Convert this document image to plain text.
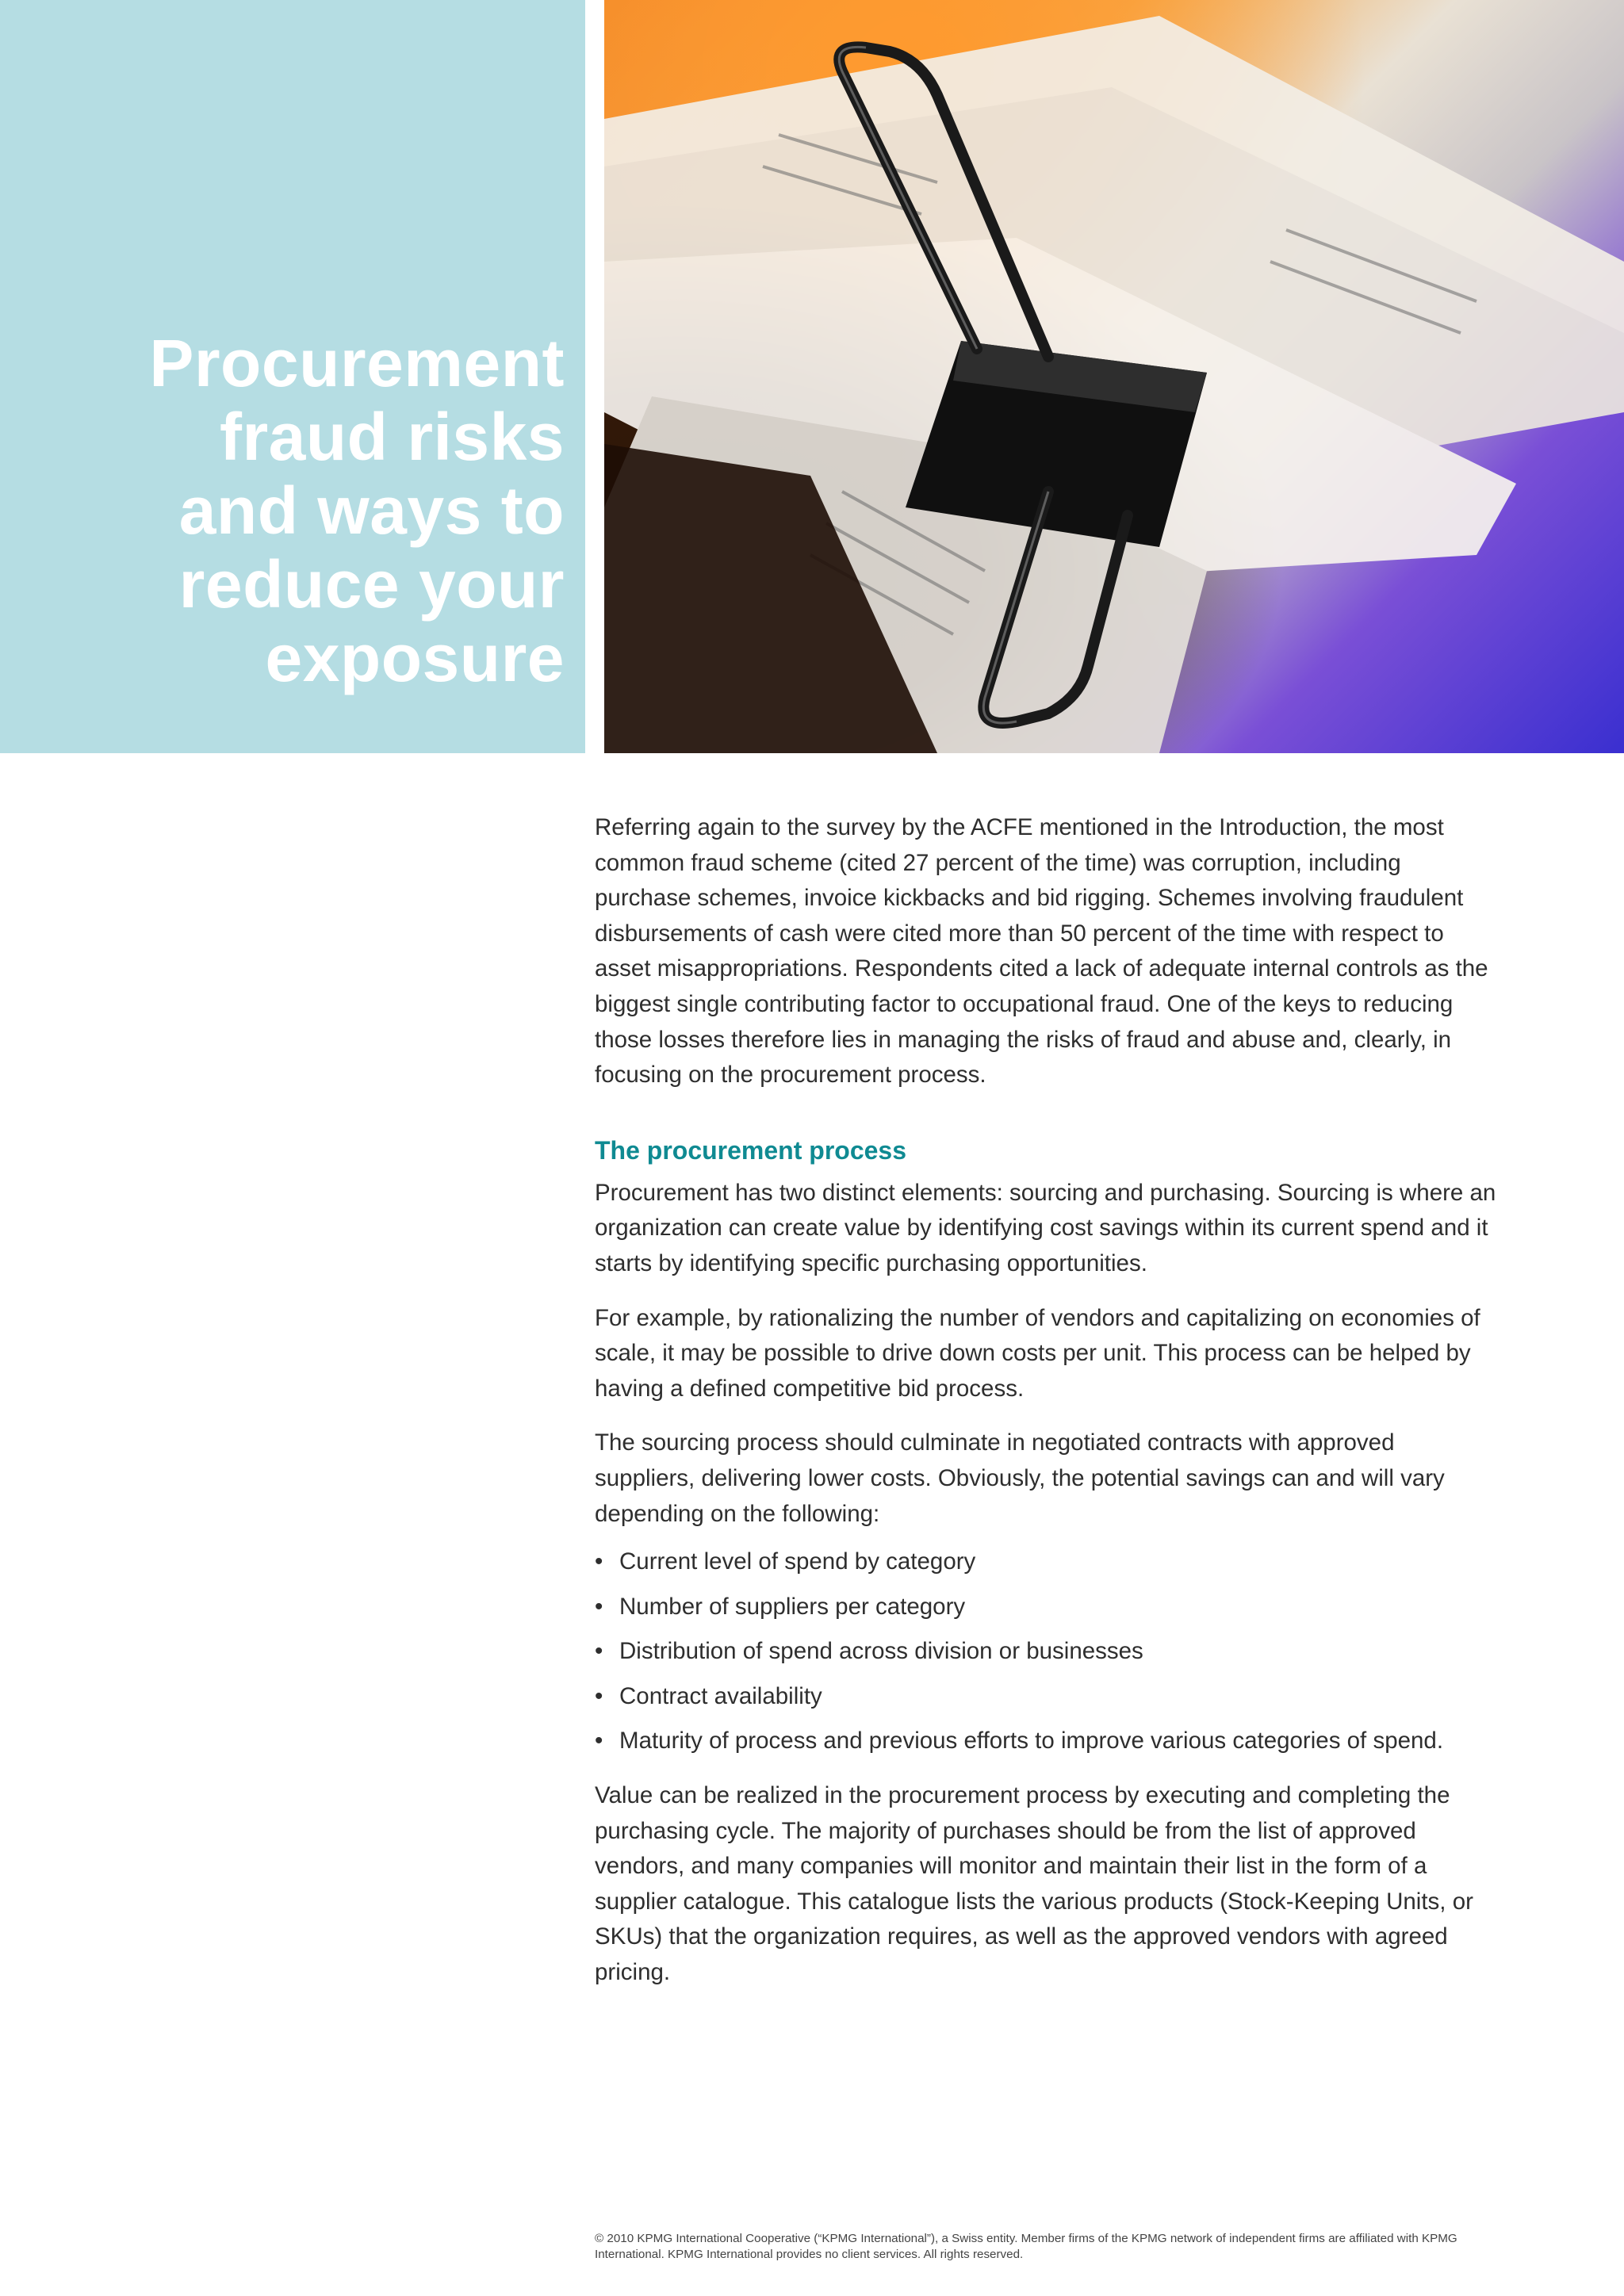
Procurement
fraud risks
and ways to
reduce your
exposure

Referring again to the survey by the ACFE mentioned in the Introduction, the most common fraud scheme (cited 27 percent of the time) was corruption, including purchase schemes, invoice kickbacks and bid rigging. Schemes involving fraudulent disbursements of cash were cited more than 50 percent of the time with respect to asset misappropriations. Respondents cited a lack of adequate internal controls as the biggest single contributing factor to occupational fraud. One of the keys to reducing those losses therefore lies in managing the risks of fraud and abuse and, clearly, in focusing on the procurement process.

The procurement process

Procurement has two distinct elements: sourcing and purchasing. Sourcing is where an organization can create value by identifying cost savings within its current spend and it starts by identifying specific purchasing opportunities.

For example, by rationalizing the number of vendors and capitalizing on economies of scale, it may be possible to drive down costs per unit. This process can be helped by having a defined competitive bid process.

The sourcing process should culminate in negotiated contracts with approved suppliers, delivering lower costs. Obviously, the potential savings can and will vary depending on the following:

• Current level of spend by category
• Number of suppliers per category
• Distribution of spend across division or businesses
• Contract availability
• Maturity of process and previous efforts to improve various categories of spend.

Value can be realized in the procurement process by executing and completing the purchasing cycle. The majority of purchases should be from the list of approved vendors, and many companies will monitor and maintain their list in the form of a supplier catalogue. This catalogue lists the various products (Stock-Keeping Units, or SKUs) that the organization requires, as well as the approved vendors with agreed pricing.

© 2010 KPMG International Cooperative (“KPMG International”), a Swiss entity. Member firms of the KPMG network of independent firms are affiliated with KPMG International. KPMG International provides no client services. All rights reserved.
